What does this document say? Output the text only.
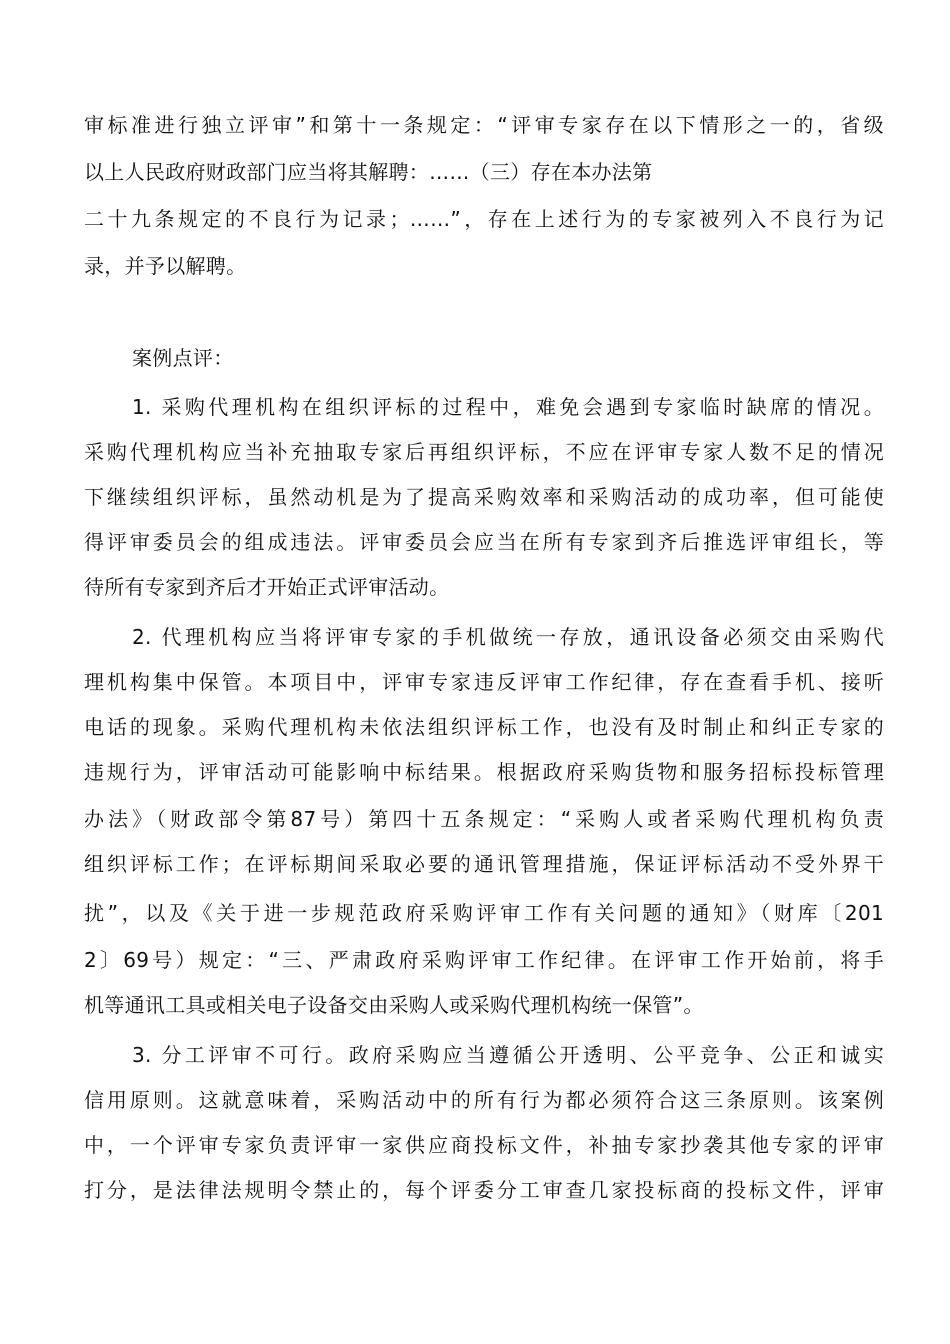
审标准进行独立评审”和第十一条规定：“评审专家存在以下情形之一的，省级
以上人民政府财政部门应当将其解聘：……（三）存在本办法第
二十九条规定的不良行为记录；……”，存在上述行为的专家被列入不良行为记
录，并予以解聘。
案例点评：
1. 采购代理机构在组织评标的过程中，难免会遇到专家临时缺席的情况。
采购代理机构应当补充抽取专家后再组织评标，不应在评审专家人数不足的情况
下继续组织评标，虽然动机是为了提高采购效率和采购活动的成功率，但可能使
得评审委员会的组成违法。评审委员会应当在所有专家到齐后推选评审组长，等
待所有专家到齐后才开始正式评审活动。
2. 代理机构应当将评审专家的手机做统一存放，通讯设备必须交由采购代
理机构集中保管。本项目中，评审专家违反评审工作纪律，存在查看手机、接听
电话的现象。采购代理机构未依法组织评标工作，也没有及时制止和纠正专家的
违规行为，评审活动可能影响中标结果。根据政府采购货物和服务招标投标管理
办法》（财政部令第87号）第四十五条规定：“采购人或者采购代理机构负责
组织评标工作；在评标期间采取必要的通讯管理措施，保证评标活动不受外界干
扰”，以及《关于进一步规范政府采购评审工作有关问题的通知》（财库〔201
2〕69号）规定：“三、严肃政府采购评审工作纪律。在评审工作开始前，将手
机等通讯工具或相关电子设备交由采购人或采购代理机构统一保管”。
3. 分工评审不可行。政府采购应当遵循公开透明、公平竞争、公正和诚实
信用原则。这就意味着，采购活动中的所有行为都必须符合这三条原则。该案例
中，一个评审专家负责评审一家供应商投标文件，补抽专家抄袭其他专家的评审
打分，是法律法规明令禁止的，每个评委分工审查几家投标商的投标文件，评审
